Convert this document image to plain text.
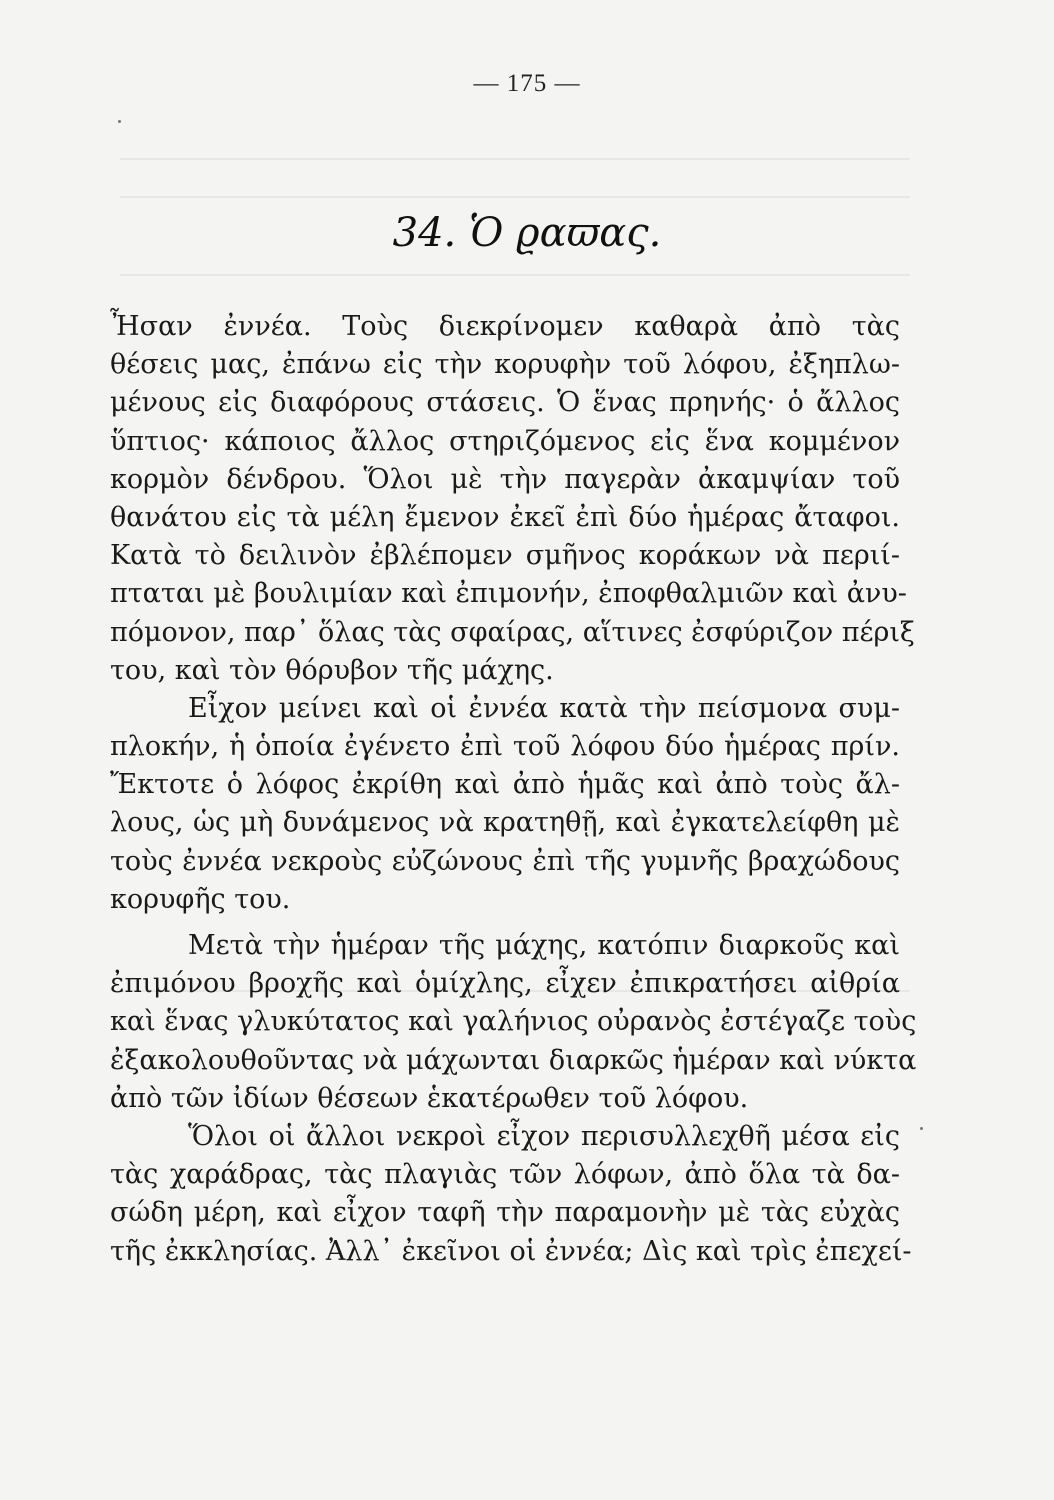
— 175 —
34. Ὁ ϱαϖας.
Ἦσαν ἐννέα. Τοὺς διεκρίνομεν καθαρὰ ἀπὸ τὰς
θέσεις μας, ἐπάνω εἰς τὴν κορυφὴν τοῦ λόφου, ἐξηπλω-
μένους εἰς διαφόρους στάσεις. Ὁ ἕνας πρηνής· ὁ ἄλλος
ὕπτιος· κάποιος ἄλλος στηριζόμενος εἰς ἕνα κομμένον
κορμὸν δένδρου. Ὅλοι μὲ τὴν παγερὰν ἀκαμψίαν τοῦ
θανάτου εἰς τὰ μέλη ἔμενον ἐκεῖ ἐπὶ δύο ἡμέρας ἄταφοι.
Κατὰ τὸ δειλινὸν ἐβλέπομεν σμῆνος κοράκων νὰ περιί-
πταται μὲ βουλιμίαν καὶ ἐπιμονήν, ἐποφθαλμιῶν καὶ ἀνυ-
πόμονον, παρ᾽ ὅλας τὰς σφαίρας, αἵτινες ἐσφύριζον πέριξ
του, καὶ τὸν θόρυβον τῆς μάχης.
Εἶχον μείνει καὶ οἱ ἐννέα κατὰ τὴν πείσμονα συμ-
πλοκήν, ἡ ὁποία ἐγένετο ἐπὶ τοῦ λόφου δύο ἡμέρας πρίν.
Ἔκτοτε ὁ λόφος ἐκρίθη καὶ ἀπὸ ἡμᾶς καὶ ἀπὸ τοὺς ἄλ-
λους, ὡς μὴ δυνάμενος νὰ κρατηθῇ, καὶ ἐγκατελείφθη μὲ
τοὺς ἐννέα νεκροὺς εὐζώνους ἐπὶ τῆς γυμνῆς βραχώδους
κορυφῆς του.
Μετὰ τὴν ἡμέραν τῆς μάχης, κατόπιν διαρκοῦς καὶ
ἐπιμόνου βροχῆς καὶ ὁμίχλης, εἶχεν ἐπικρατήσει αἰθρία
καὶ ἕνας γλυκύτατος καὶ γαλήνιος οὐρανὸς ἐστέγαζε τοὺς
ἐξακολουθοῦντας νὰ μάχωνται διαρκῶς ἡμέραν καὶ νύκτα
ἀπὸ τῶν ἰδίων θέσεων ἑκατέρωθεν τοῦ λόφου.
Ὅλοι οἱ ἄλλοι νεκροὶ εἶχον περισυλλεχθῆ μέσα εἰς
τὰς χαράδρας, τὰς πλαγιὰς τῶν λόφων, ἀπὸ ὅλα τὰ δα-
σώδη μέρη, καὶ εἶχον ταφῆ τὴν παραμονὴν μὲ τὰς εὐχὰς
τῆς ἐκκλησίας. Ἀλλ᾽ ἐκεῖνοι οἱ ἐννέα; Δὶς καὶ τρὶς ἐπεχεί-
